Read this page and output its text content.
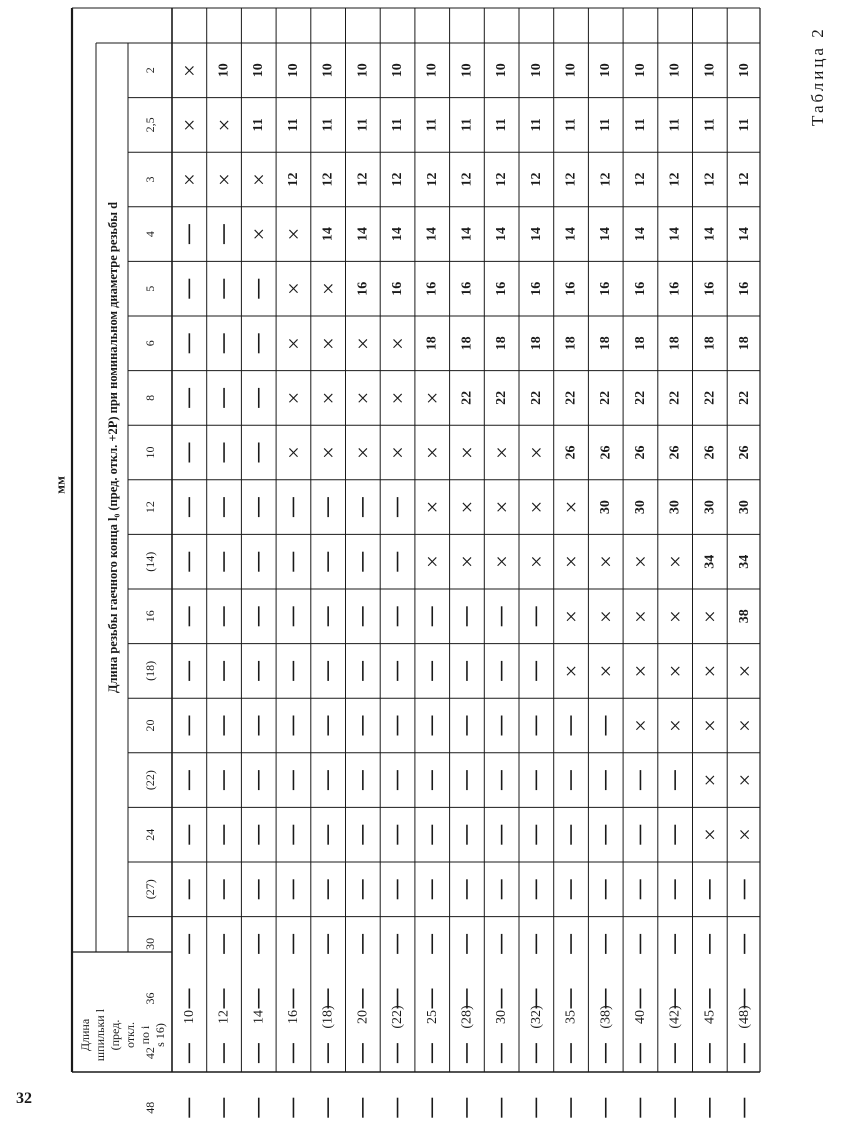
32
Таблица 2
Длина резьбы гаечного конца l₀ (пред. откл. +2P) при номинальном диаметре резьбы d
мм
Длина шпильки l (пред. откл. по i s 16)
2
2,5
3
4
5
6
8
10
12
(14)
16
(18)
20
(22)
24
(27)
30
36
42
48
10 12 14 16 (18) 20 (22) 25 (28) 30 (32) 35 (38) 40 (42) 45 (48)
×
×
×
10
×
×
10
11
×
×
10
11
12
×
×
×
×
×
10
11
12
14
×
×
×
×
10
11
12
14
16
×
×
×
10
11
12
14
16
×
×
×
10
11
12
14
16
18
×
×
×
×
10
11
12
14
16
18
22
×
×
×
10
11
12
14
16
18
22
×
×
×
10
11
12
14
16
18
22
×
×
×
10
11
12
14
16
18
22
26
×
×
×
×
10
11
12
14
16
18
22
26
30
×
×
×
10
11
12
14
16
18
22
26
30
×
×
×
×
10
11
12
14
16
18
22
26
30
×
×
×
×
10
11
12
14
16
18
22
26
30
34
×
×
×
×
×
10
11
12
14
16
18
22
26
30
34
38
×
×
×
×
